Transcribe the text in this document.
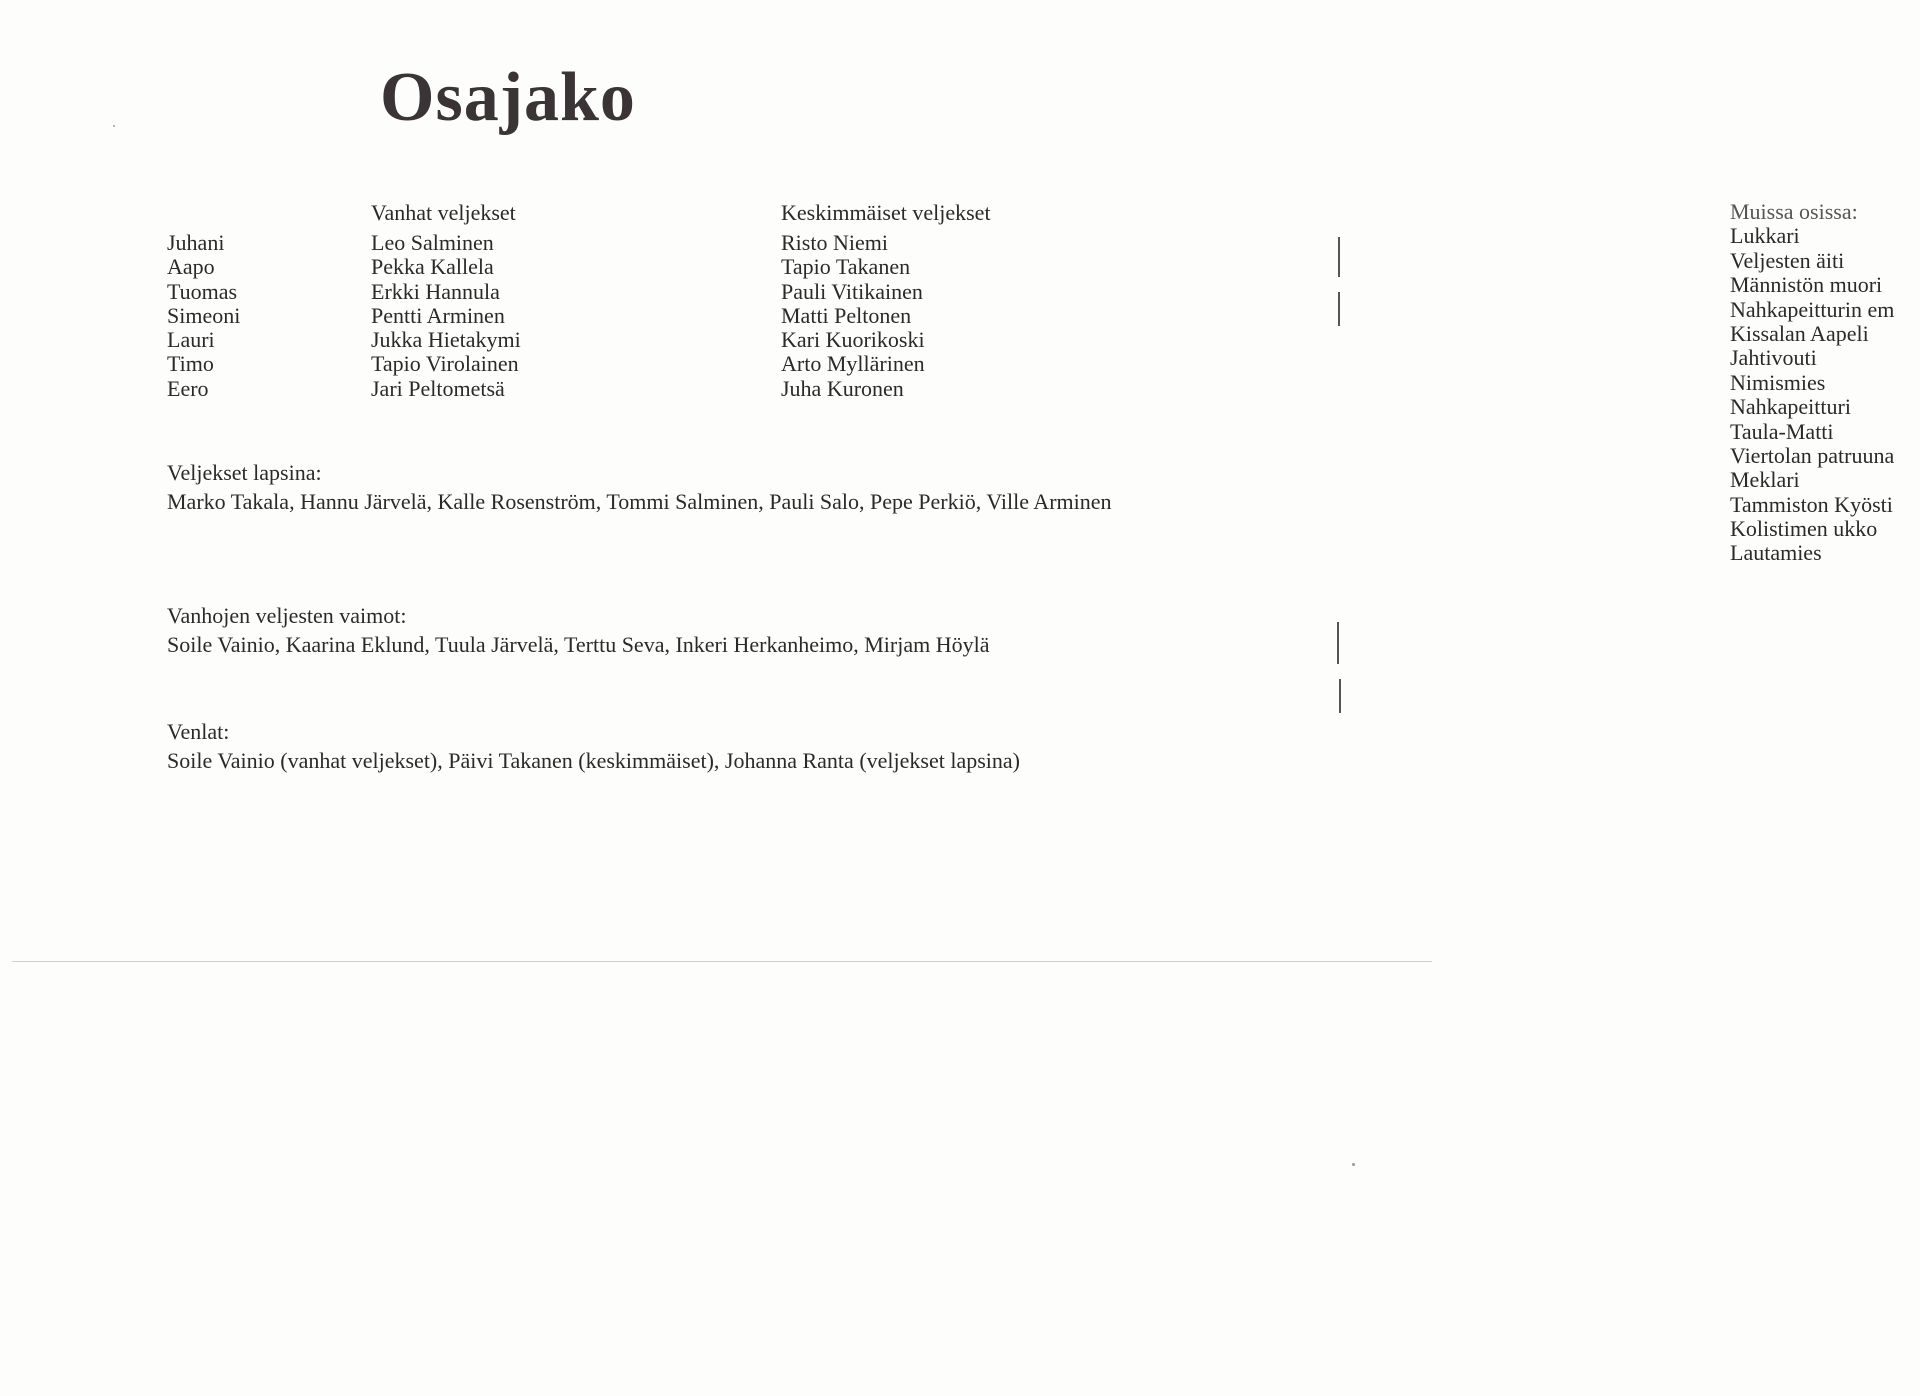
Osajako
Vanhat veljekset	Keskimmäiset veljekset
Juhani
Aapo
Tuomas
Simeoni
Lauri
Timo
Eero
Leo Salminen
Pekka Kallela
Erkki Hannula
Pentti Arminen
Jukka Hietakymi
Tapio Virolainen
Jari Peltometsä
Risto Niemi
Tapio Takanen
Pauli Vitikainen
Matti Peltonen
Kari Kuorikoski
Arto Myllärinen
Juha Kuronen
Veljekset lapsina:
Marko Takala, Hannu Järvelä, Kalle Rosenström, Tommi Salminen, Pauli Salo, Pepe Perkiö, Ville Arminen
Vanhojen veljesten vaimot:
Soile Vainio, Kaarina Eklund, Tuula Järvelä, Terttu Seva, Inkeri Herkanheimo, Mirjam Höylä
Venlat:
Soile Vainio (vanhat veljekset), Päivi Takanen (keskimmäiset), Johanna Ranta (veljekset lapsina)
Muissa osissa:
Lukkari
Veljesten äiti
Männistön muori
Nahkapeitturin em
Kissalan Aapeli
Jahtivouti
Nimismies
Nahkapeitturi
Taula-Matti
Viertolan patruuna
Meklari
Tammiston Kyösti
Kolistimen ukko
Lautamies
